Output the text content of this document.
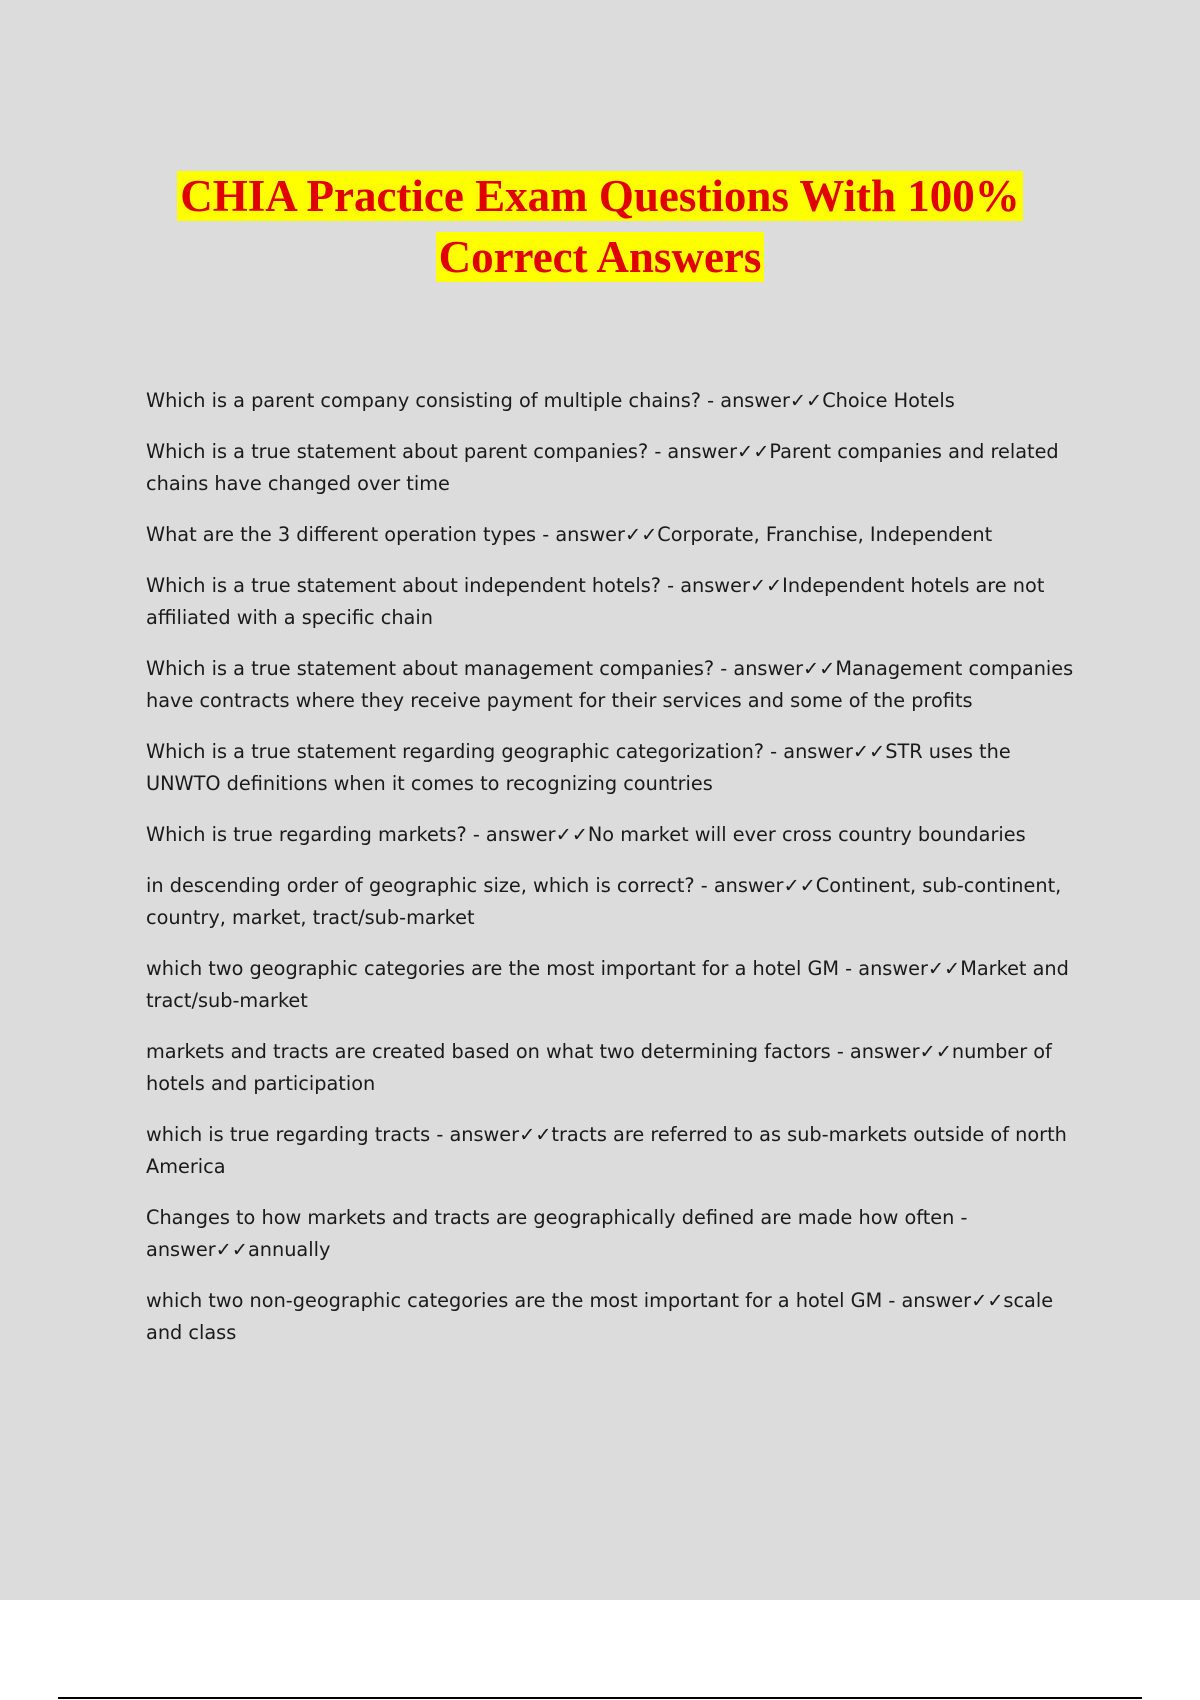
CHIA Practice Exam Questions With 100%
Correct Answers

Which is a parent company consisting of multiple chains? - answer✓✓Choice Hotels

Which is a true statement about parent companies? - answer✓✓Parent companies and related chains have changed over time

What are the 3 different operation types - answer✓✓Corporate, Franchise, Independent

Which is a true statement about independent hotels? - answer✓✓Independent hotels are not affiliated with a specific chain

Which is a true statement about management companies? - answer✓✓Management companies have contracts where they receive payment for their services and some of the profits

Which is a true statement regarding geographic categorization? - answer✓✓STR uses the UNWTO definitions when it comes to recognizing countries

Which is true regarding markets? - answer✓✓No market will ever cross country boundaries

in descending order of geographic size, which is correct? - answer✓✓Continent, sub-continent, country, market, tract/sub-market

which two geographic categories are the most important for a hotel GM - answer✓✓Market and tract/sub-market

markets and tracts are created based on what two determining factors - answer✓✓number of hotels and participation

which is true regarding tracts - answer✓✓tracts are referred to as sub-markets outside of north America

Changes to how markets and tracts are geographically defined are made how often - answer✓✓annually

which two non-geographic categories are the most important for a hotel GM - answer✓✓scale and class
